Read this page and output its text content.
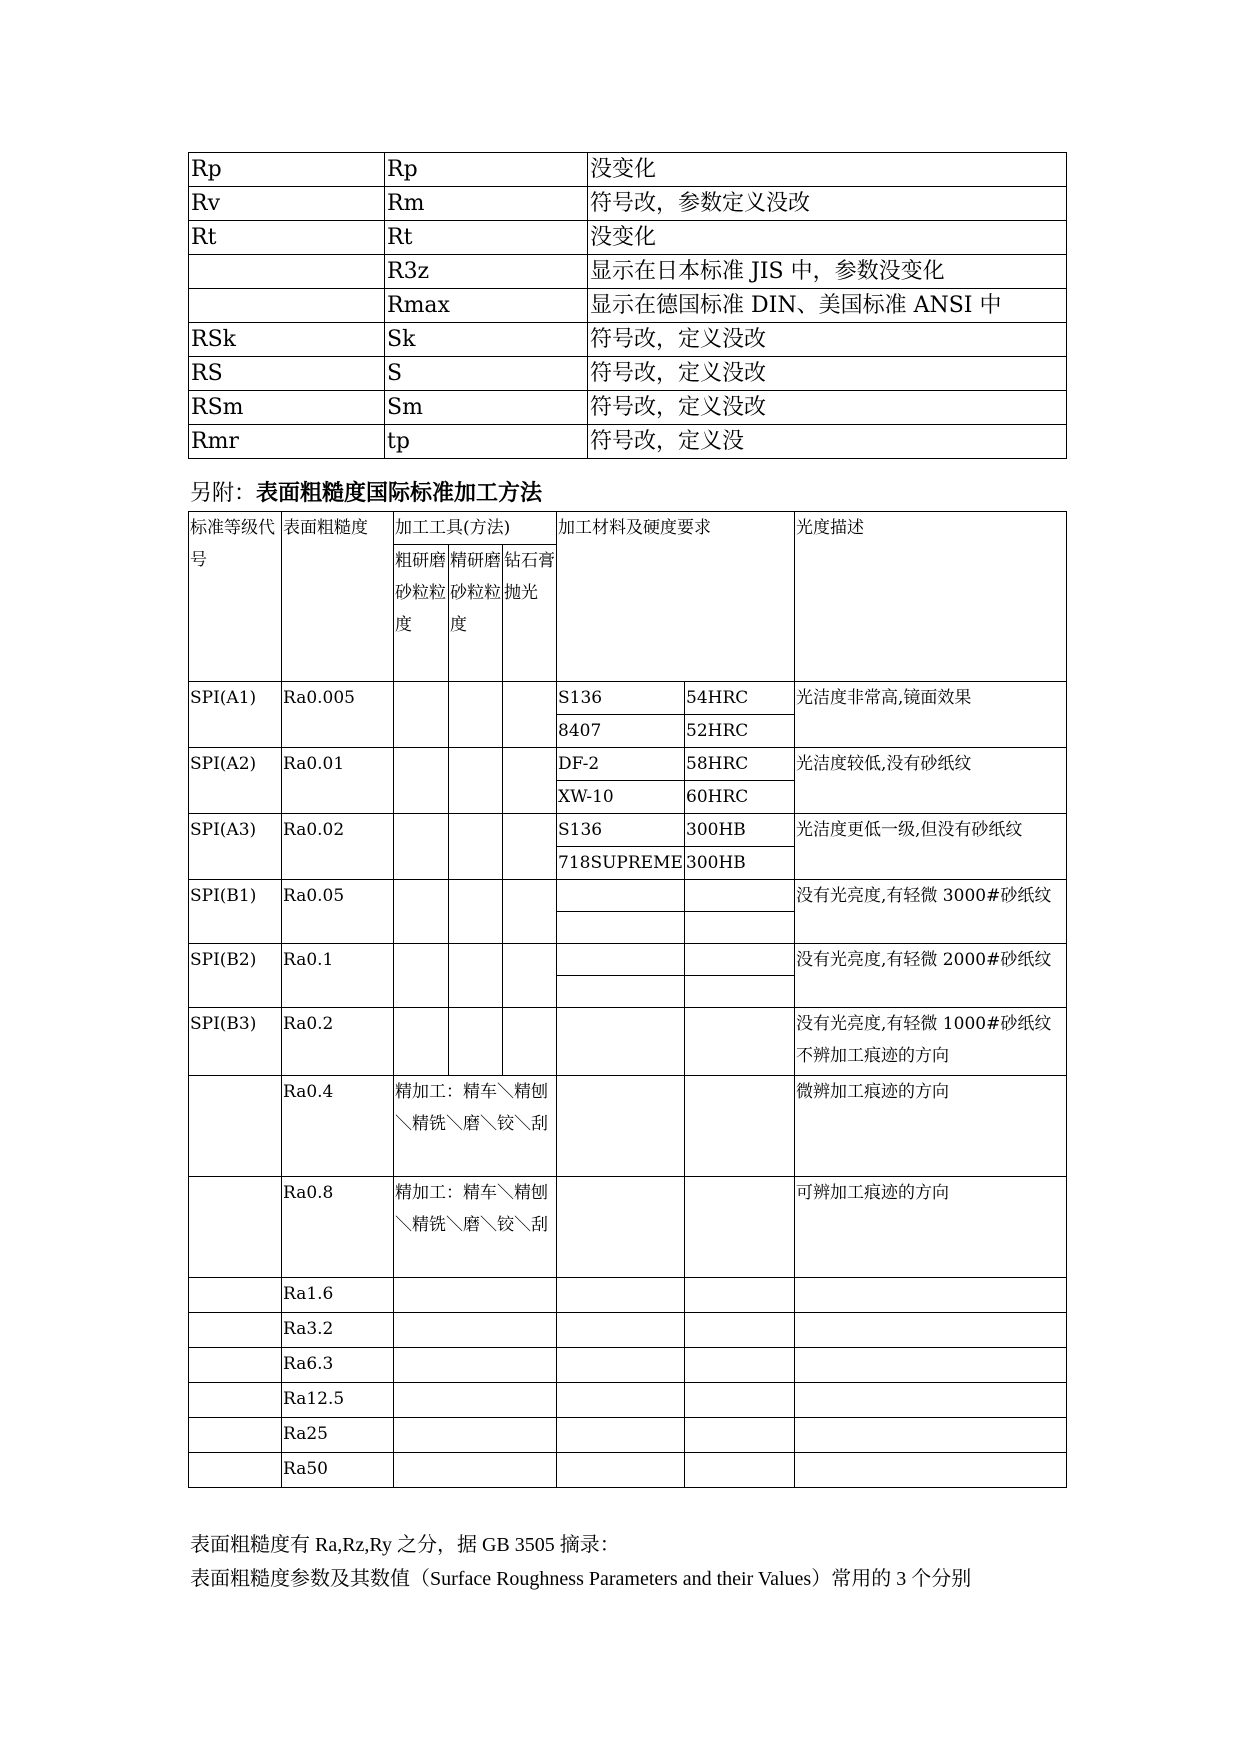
Rp	Rp	没变化
Rv	Rm	符号改，参数定义没改
Rt	Rt	没变化
	R3z	显示在日本标准 JIS 中，参数没变化
	Rmax	显示在德国标准 DIN、美国标准 ANSI 中
RSk	Sk	符号改，定义没改
RS	S	符号改，定义没改
RSm	Sm	符号改，定义没改
Rmr	tp	符号改，定义没
另附：表面粗糙度国际标准加工方法
标准等级代号	表面粗糙度	加工工具(方法)			加工材料及硬度要求		光度描述
		粗研磨砂粒粒度	精研磨砂粒粒度	钻石膏抛光			
SPI(A1)	Ra0.005				S136	54HRC	光洁度非常高,镜面效果
					8407	52HRC	
SPI(A2)	Ra0.01				DF-2	58HRC	光洁度较低,没有砂纸纹
					XW-10	60HRC	
SPI(A3)	Ra0.02				S136	300HB	光洁度更低一级,但没有砂纸纹
					718SUPREME	300HB	
SPI(B1)	Ra0.05						没有光亮度,有轻微 3000#砂纸纹

SPI(B2)	Ra0.1						没有光亮度,有轻微 2000#砂纸纹

SPI(B3)	Ra0.2						没有光亮度,有轻微 1000#砂纸纹 不辨加工痕迹的方向
	Ra0.4	精加工：精车＼精刨＼精铣＼磨＼铰＼刮					微辨加工痕迹的方向
	Ra0.8	精加工：精车＼精刨＼精铣＼磨＼铰＼刮					可辨加工痕迹的方向
	Ra1.6						
	Ra3.2						
	Ra6.3						
	Ra12.5						
	Ra25						
	Ra50						
表面粗糙度有 Ra,Rz,Ry 之分，据 GB 3505 摘录：
表面粗糙度参数及其数值（Surface Roughness Parameters and their Values）常用的 3 个分别
